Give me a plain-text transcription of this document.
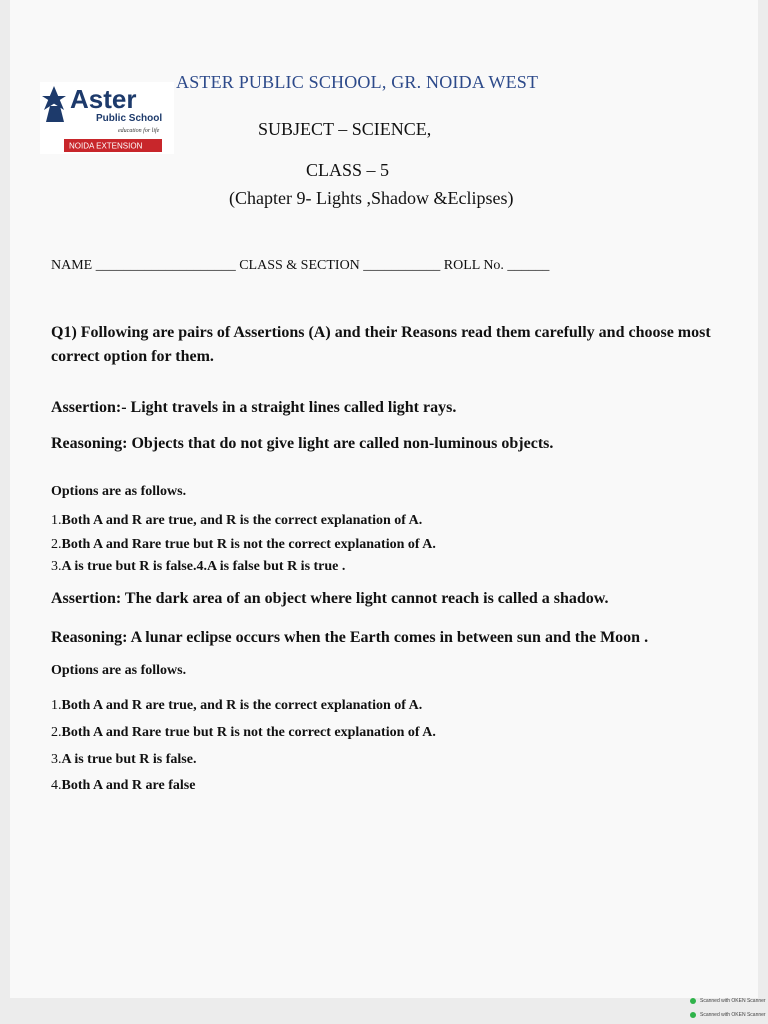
Aster
Public School
education for life
NOIDA EXTENSION
ASTER PUBLIC SCHOOL, GR. NOIDA WEST
SUBJECT – SCIENCE,
CLASS – 5
(Chapter 9- Lights ,Shadow &Eclipses)
NAME ____________________ CLASS & SECTION ___________ ROLL No. ______
Q1) Following are pairs of Assertions (A) and their Reasons read them carefully and choose most correct option for them.
Assertion:- Light travels in a straight lines called light rays.
Reasoning: Objects that do not give light are called non-luminous objects.
Options are as follows.
1.Both A and R are true, and R is the correct explanation of A.
2.Both A and Rare true but R is not the correct explanation of A.
3.A is true but R is false.4.A is false but R is true .
Assertion: The dark area of an object where light cannot reach is called a shadow.
Reasoning: A lunar eclipse occurs when the Earth comes in between sun and the Moon .
Options are as follows.
1.Both A and R are true, and R is the correct explanation of A.
2.Both A and Rare true but R is not the correct explanation of A.
3.A is true but R is false.
4.Both A and R are false
Scanned with OKEN Scanner
Scanned with OKEN Scanner
